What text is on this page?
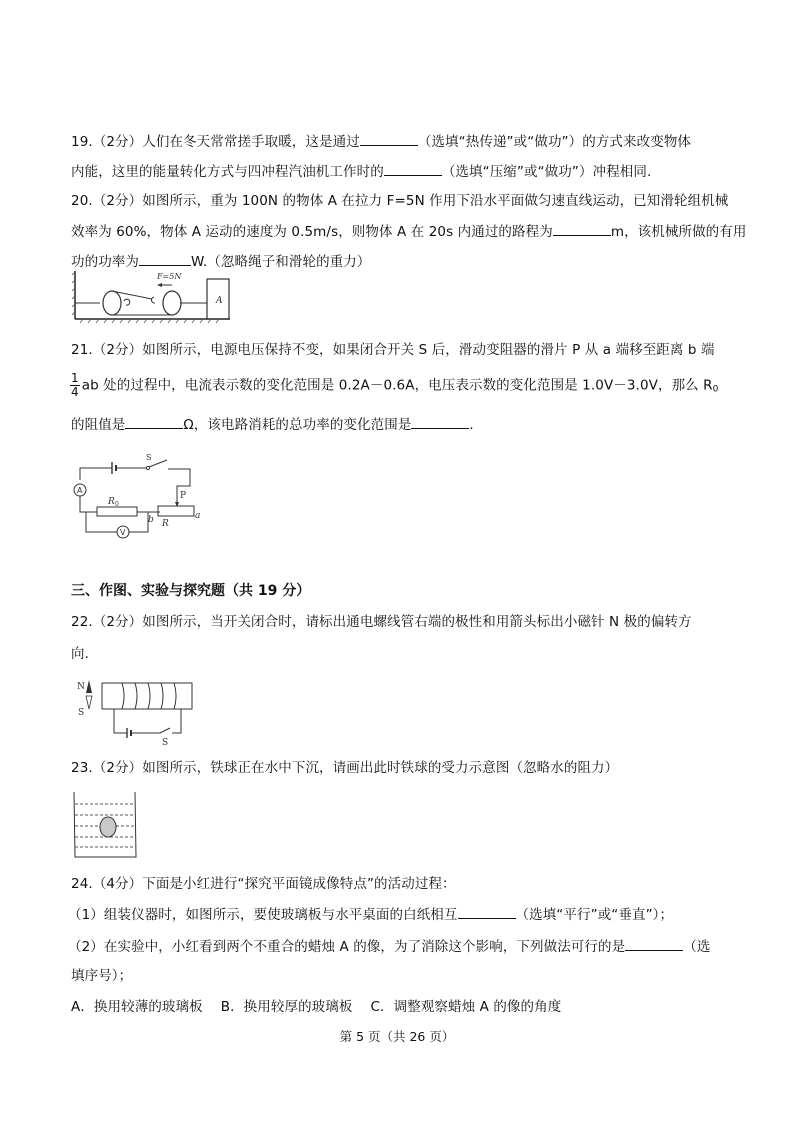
19.（2分）人们在冬天常常搓手取暖，这是通过	（选填“热传递”或“做功”）的方式来改变物体
内能，这里的能量转化方式与四冲程汽油机工作时的	（选填“压缩”或“做功”）冲程相同.
20.（2分）如图所示，重为 100N 的物体 A 在拉力 F=5N 作用下沿水平面做匀速直线运动，已知滑轮组机械
效率为 60%，物体 A 运动的速度为 0.5m/s，则物体 A 在 20s 内通过的路程为	m，该机械所做的有用
功的功率为	W.（忽略绳子和滑轮的重力）
A
F=5N
21.（2分）如图所示，电源电压保持不变，如果闭合开关 S 后，滑动变阻器的滑片 P 从 a 端移至距离 b 端
$\frac{1}{4}$ ab 处的过程中，电流表示数的变化范围是 0.2A－0.6A，电压表示数的变化范围是 1.0V－3.0V，那么 $R_0$
的阻值是	Ω，该电路消耗的总功率的变化范围是	.
A
V
S
P
R 0
R
b	a
三、作图、实验与探究题（共 19 分）
22.（2分）如图所示，当开关闭合时，请标出通电螺线管右端的极性和用箭头标出小磁针 N 极的偏转方
向.
N
S
S
23.（2分）如图所示，铁球正在水中下沉，请画出此时铁球的受力示意图（忽略水的阻力）
24.（4分）下面是小红进行“探究平面镜成像特点”的活动过程：
（1）组装仪器时，如图所示，要使玻璃板与水平桌面的白纸相互	（选填“平行”或“垂直”）；
（2）在实验中，小红看到两个不重合的蜡烛 A 的像，为了消除这个影响，下列做法可行的是	（选
填序号）；
A．换用较薄的玻璃板　 B．换用较厚的玻璃板　 C．调整观察蜡烛 A 的像的角度
第 5 页（共 26 页）
